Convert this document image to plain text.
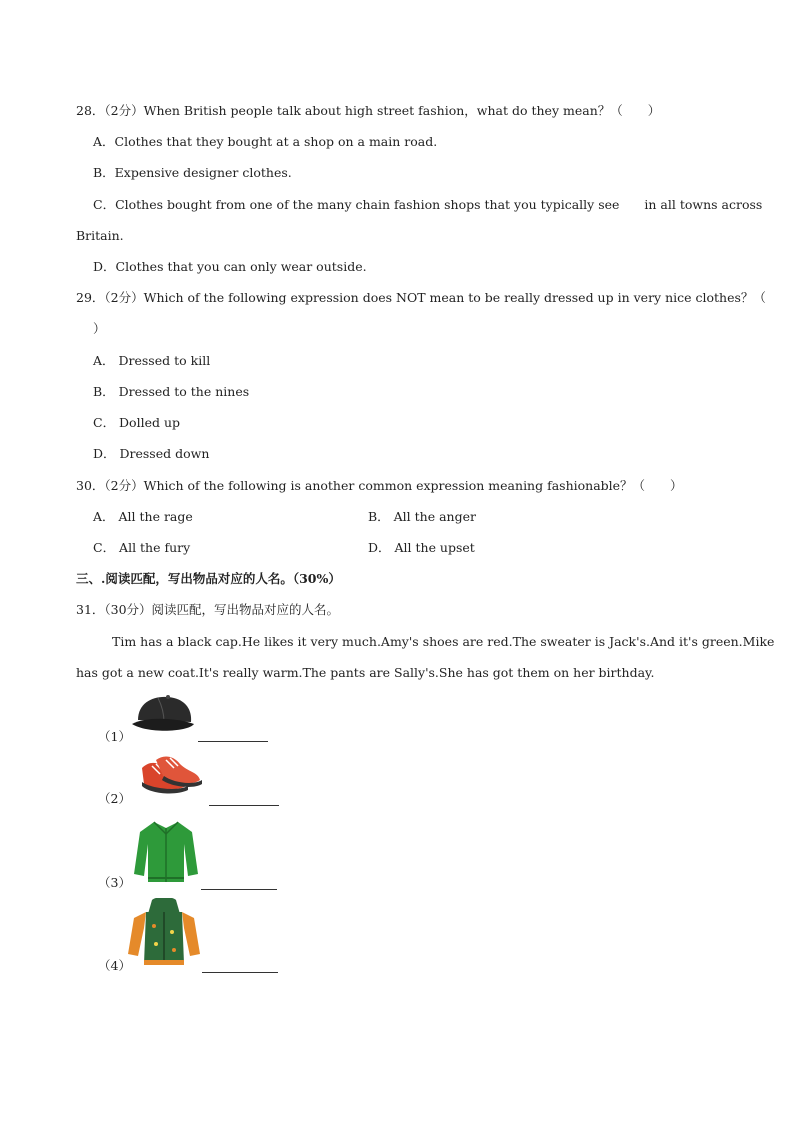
28．（2分）When British people talk about high street fashion，what do they mean？（　　）
A．Clothes that they bought at a shop on a main road.
B．Expensive designer clothes.
C．Clothes bought from one of the many chain fashion shops that you typically see　　in all towns across
Britain.
D．Clothes that you can only wear outside.
29．（2分）Which of the following expression does NOT mean to be really dressed up in very nice clothes？（
）
A． Dressed to kill
B． Dressed to the nines
C． Dolled up
D． Dressed down
30．（2分）Which of the following is another common expression meaning fashionable？（　　）
A． All the rage	B． All the anger
C． All the fury	D． All the upset
三、.阅读匹配，写出物品对应的人名。（30%）
31．（30分）阅读匹配，写出物品对应的人名。
Tim has a black cap.He likes it very much.Amy's shoes are red.The sweater is Jack's.And it's green.Mike
has got a new coat.It's really warm.The pants are Sally's.She has got them on her birthday.
（1）
（2）
（3）
（4）
